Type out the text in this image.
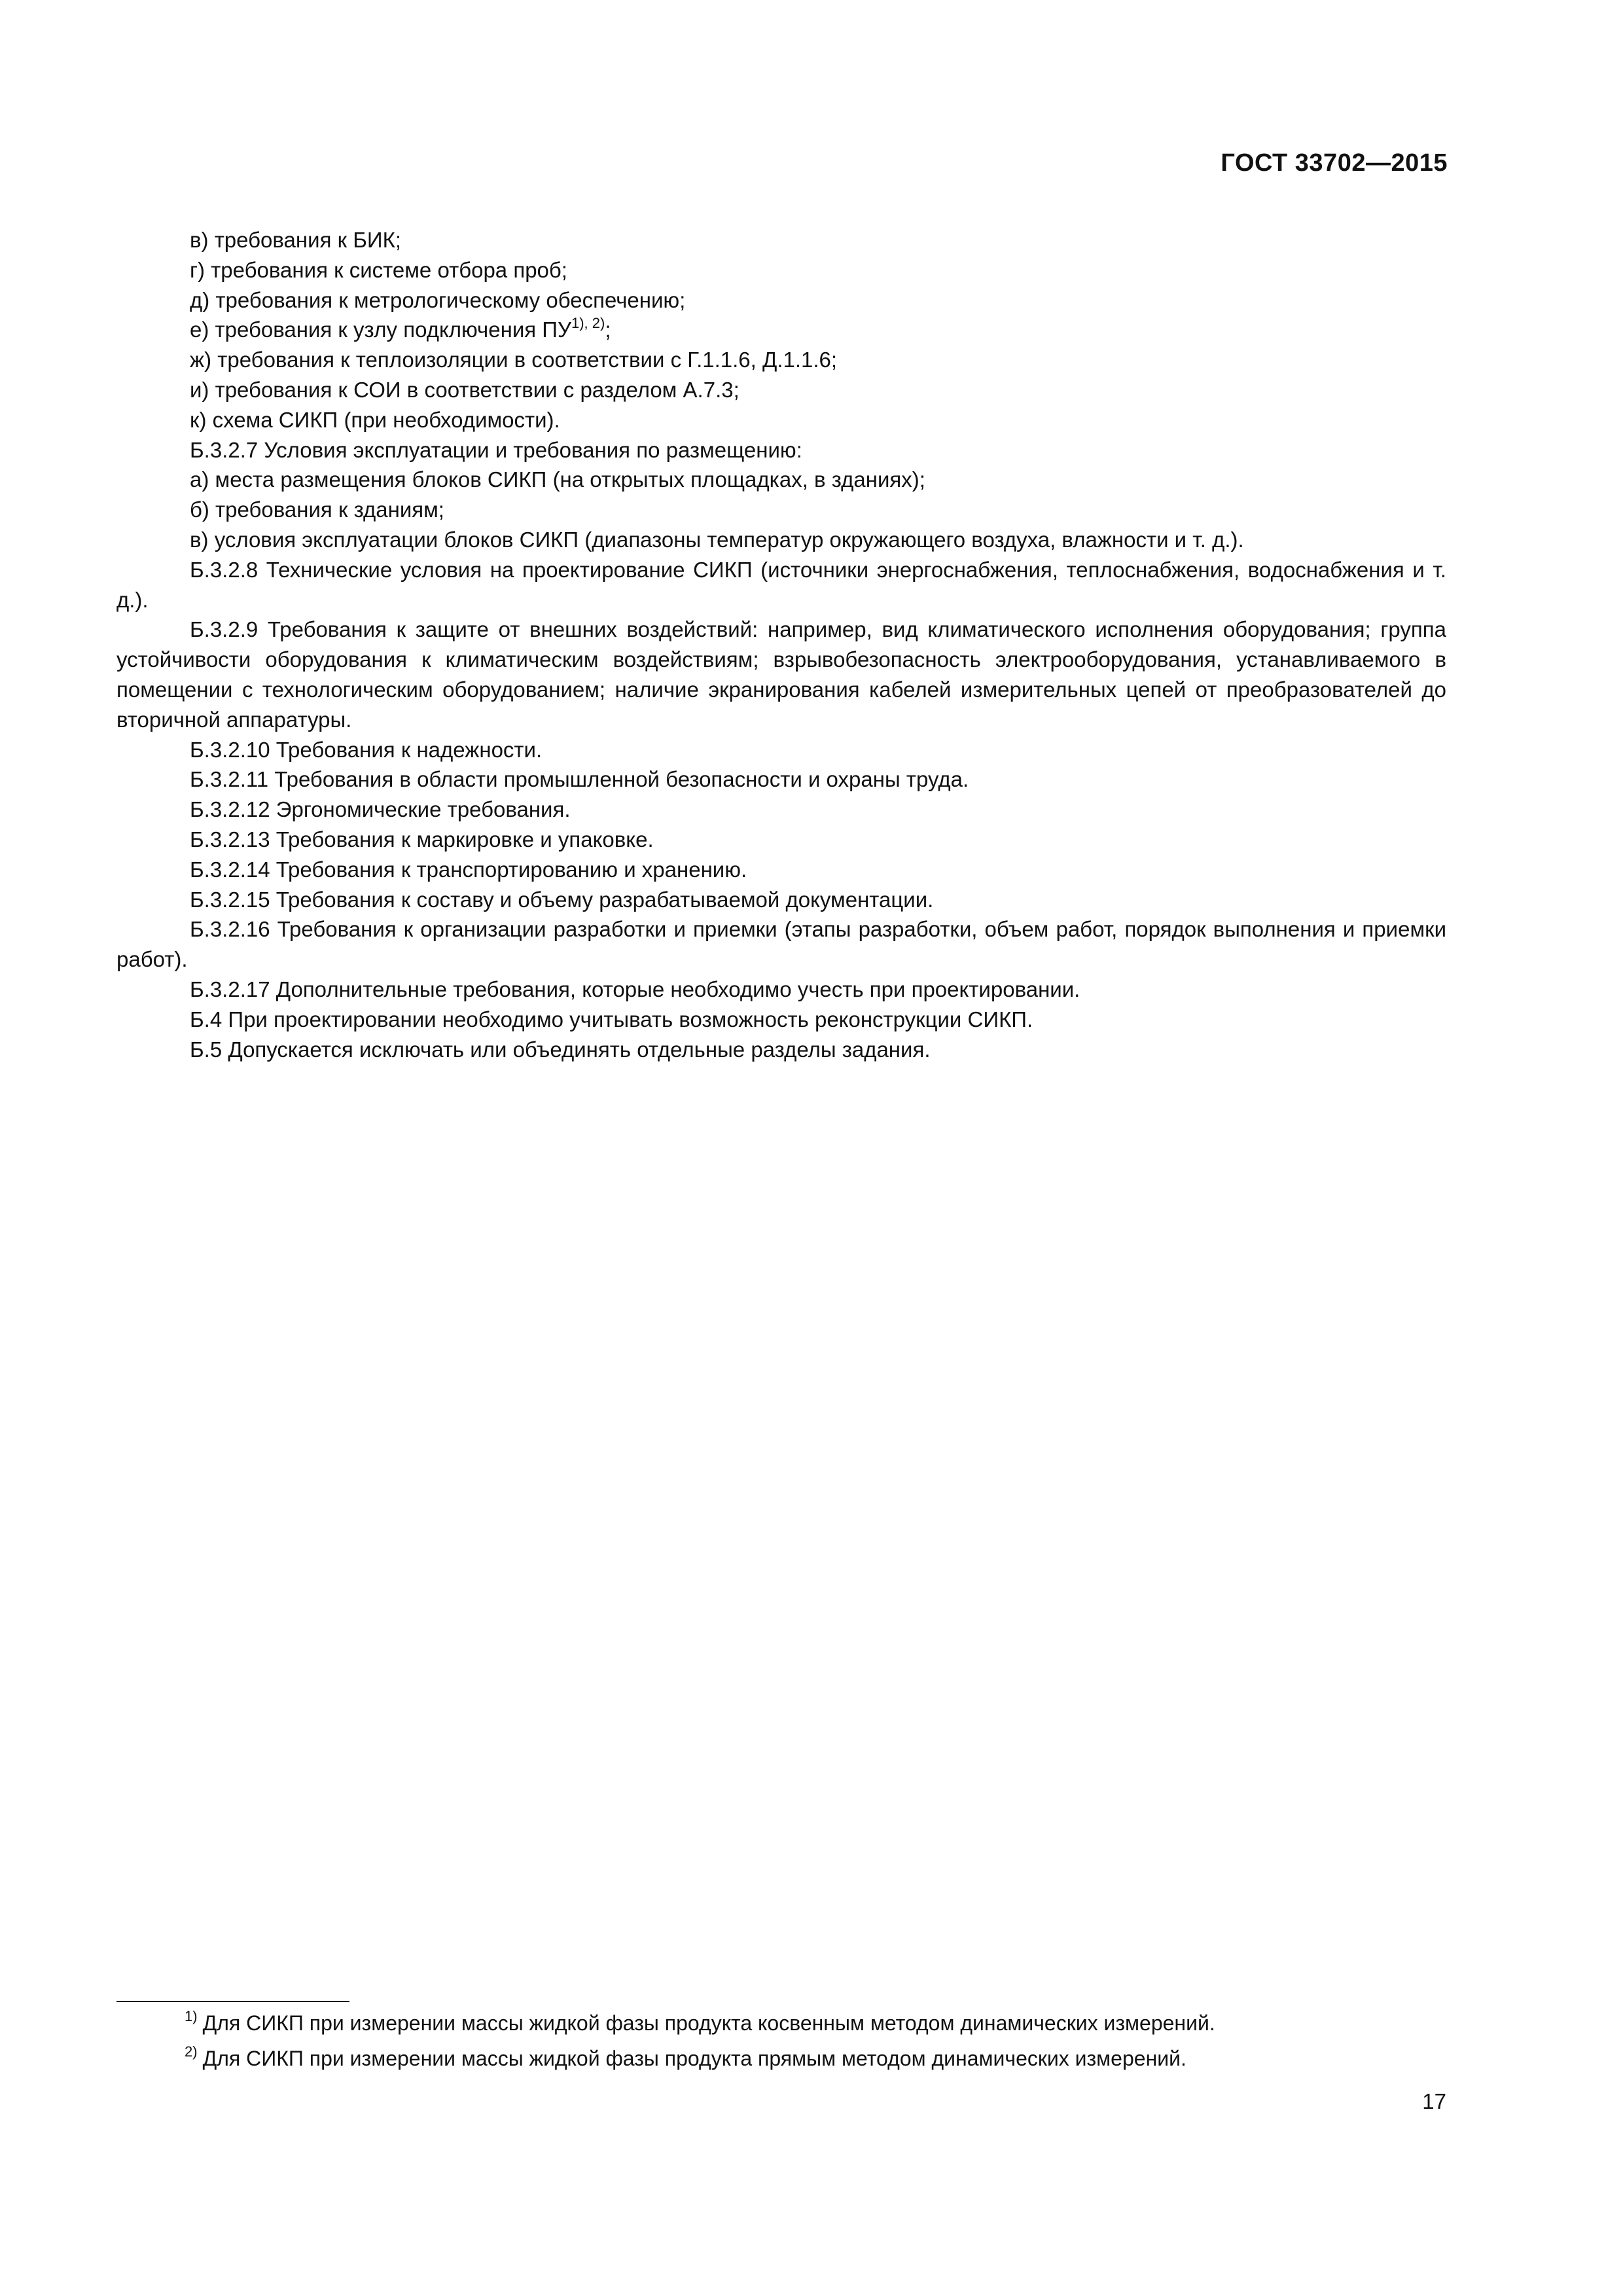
ГОСТ 33702—2015

в) требования к БИК;

г) требования к системе отбора проб;

д) требования к метрологическому обеспечению;

е) требования к узлу подключения $ПУ^{1), 2)}$;

ж) требования к теплоизоляции в соответствии с Г.1.1.6, Д.1.1.6;

и) требования к СОИ в соответствии с разделом А.7.3;

к) схема СИКП (при необходимости).

Б.3.2.7 Условия эксплуатации и требования по размещению:

а) места размещения блоков СИКП (на открытых площадках, в зданиях);

б) требования к зданиям;

в) условия эксплуатации блоков СИКП (диапазоны температур окружающего воздуха, влажности и т. д.).

Б.3.2.8 Технические условия на проектирование СИКП (источники энергоснабжения, теплоснабжения, водоснабжения и т. д.).

Б.3.2.9 Требования к защите от внешних воздействий: например, вид климатического исполнения оборудования; группа устойчивости оборудования к климатическим воздействиям; взрывобезопасность электрооборудования, устанавливаемого в помещении с технологическим оборудованием; наличие экранирования кабелей измерительных цепей от преобразователей до вторичной аппаратуры.

Б.3.2.10 Требования к надежности.

Б.3.2.11 Требования в области промышленной безопасности и охраны труда.

Б.3.2.12 Эргономические требования.

Б.3.2.13 Требования к маркировке и упаковке.

Б.3.2.14 Требования к транспортированию и хранению.

Б.3.2.15 Требования к составу и объему разрабатываемой документации.

Б.3.2.16 Требования к организации разработки и приемки (этапы разработки, объем работ, порядок выполнения и приемки работ).

Б.3.2.17 Дополнительные требования, которые необходимо учесть при проектировании.

Б.4 При проектировании необходимо учитывать возможность реконструкции СИКП.

Б.5 Допускается исключать или объединять отдельные разделы задания.

$^{1)}$ Для СИКП при измерении массы жидкой фазы продукта косвенным методом динамических измерений.

$^{2)}$ Для СИКП при измерении массы жидкой фазы продукта прямым методом динамических измерений.

17
